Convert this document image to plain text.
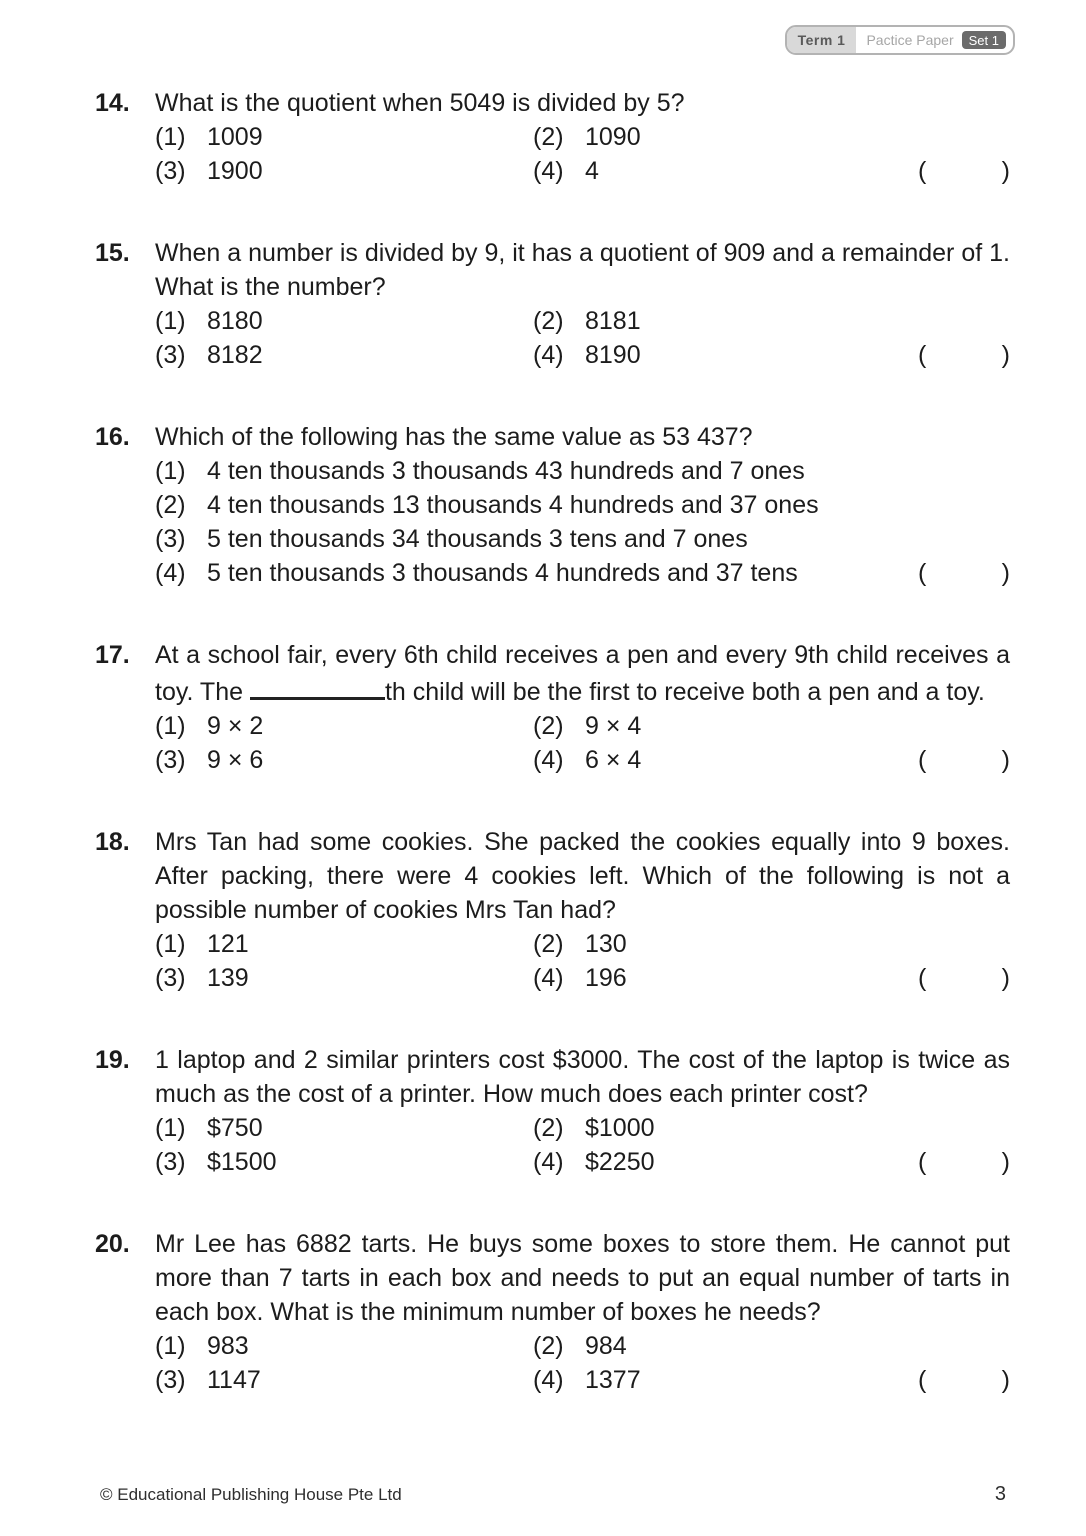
Term 1	Pactice Paper	Set 1
14.	What is the quotient when 5049 is divided by 5?

(1) 1009	(2) 1090
(3) 1900	(4) 4	(	)
15.	When a number is divided by 9, it has a quotient of 909 and a remainder of 1. What is the number?

(1) 8180	(2) 8181
(3) 8182	(4) 8190	(	)
16.	Which of the following has the same value as 53 437?

(1) 4 ten thousands 3 thousands 43 hundreds and 7 ones
(2) 4 ten thousands 13 thousands 4 hundreds and 37 ones
(3) 5 ten thousands 34 thousands 3 tens and 7 ones
(4) 5 ten thousands 3 thousands 4 hundreds and 37 tens	(	)
17.	At a school fair, every 6th child receives a pen and every 9th child receives a toy. The	th child will be the first to receive both a pen and a toy.

(1) 9 × 2	(2) 9 × 4
(3) 9 × 6	(4) 6 × 4	(	)
18.	Mrs Tan had some cookies. She packed the cookies equally into 9 boxes. After packing, there were 4 cookies left. Which of the following is not a possible number of cookies Mrs Tan had?

(1) 121	(2) 130
(3) 139	(4) 196	(	)
19.	1 laptop and 2 similar printers cost $3000. The cost of the laptop is twice as much as the cost of a printer. How much does each printer cost?

(1) $750	(2) $1000
(3) $1500	(4) $2250	(	)
20.	Mr Lee has 6882 tarts. He buys some boxes to store them. He cannot put more than 7 tarts in each box and needs to put an equal number of tarts in each box. What is the minimum number of boxes he needs?

(1) 983	(2) 984
(3) 1147	(4) 1377	(	)
© Educational Publishing House Pte Ltd	3
